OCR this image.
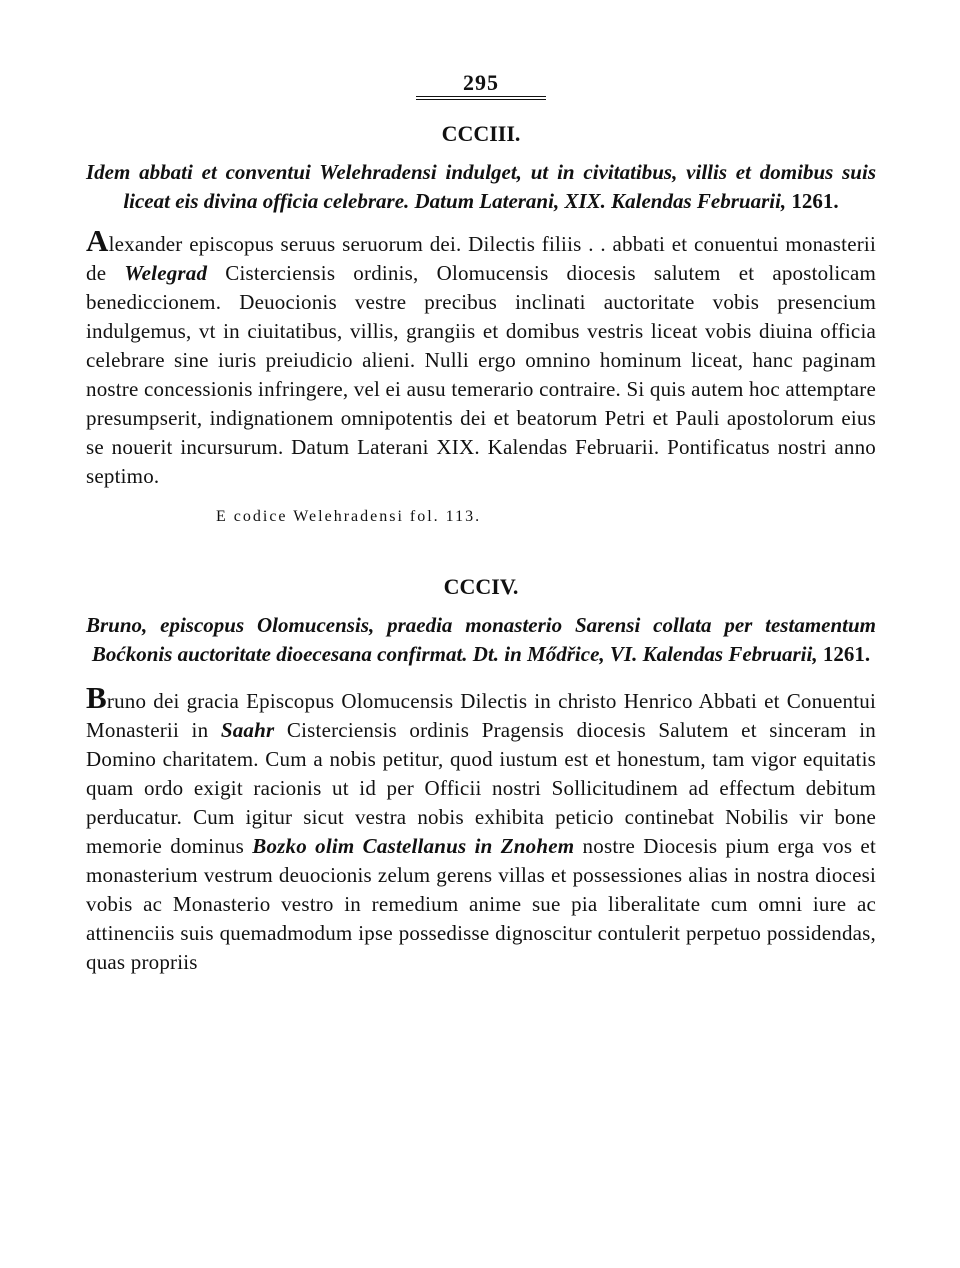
295

CCCIII.

Idem abbati et conventui Welehradensi indulget, ut in civitatibus, villis et domibus suis liceat eis divina officia celebrare. Datum Laterani, XIX. Kalendas Februarii, 1261.

Alexander episcopus seruus seruorum dei. Dilectis filiis . . abbati et conuentui monasterii de Welegrad Cisterciensis ordinis, Olomucensis diocesis salutem et apostolicam benediccionem. Deuocionis vestre precibus inclinati auctoritate vobis presencium indulgemus, vt in ciuitatibus, villis, grangiis et domibus vestris liceat vobis diuina officia celebrare sine iuris preiudicio alieni. Nulli ergo omnino hominum liceat, hanc paginam nostre concessionis infringere, vel ei ausu temerario contraire. Si quis autem hoc attemptare presumpserit, indignationem omnipotentis dei et beatorum Petri et Pauli apostolorum eius se nouerit incursurum. Datum Laterani XIX. Kalendas Februarii. Pontificatus nostri anno septimo.

E codice Welehradensi fol. 113.

CCCIV.

Bruno, episcopus Olomucensis, praedia monasterio Sarensi collata per testamentum Boćkonis auctoritate dioecesana confirmat. Dt. in Mődřice, VI. Kalendas Februarii, 1261.

Bruno dei gracia Episcopus Olomucensis Dilectis in christo Henrico Abbati et Conuentui Monasterii in Saahr Cisterciensis ordinis Pragensis diocesis Salutem et sinceram in Domino charitatem. Cum a nobis petitur, quod iustum est et honestum, tam vigor equitatis quam ordo exigit racionis ut id per Officii nostri Sollicitudinem ad effectum debitum perducatur. Cum igitur sicut vestra nobis exhibita peticio continebat Nobilis vir bone memorie dominus Bozko olim Castellanus in Znohem nostre Diocesis pium erga vos et monasterium vestrum deuocionis zelum gerens villas et possessiones alias in nostra diocesi vobis ac Monasterio vestro in remedium anime sue pia liberalitate cum omni iure ac attinenciis suis quemadmodum ipse possedisse dignoscitur contulerit perpetuo possidendas, quas propriis
